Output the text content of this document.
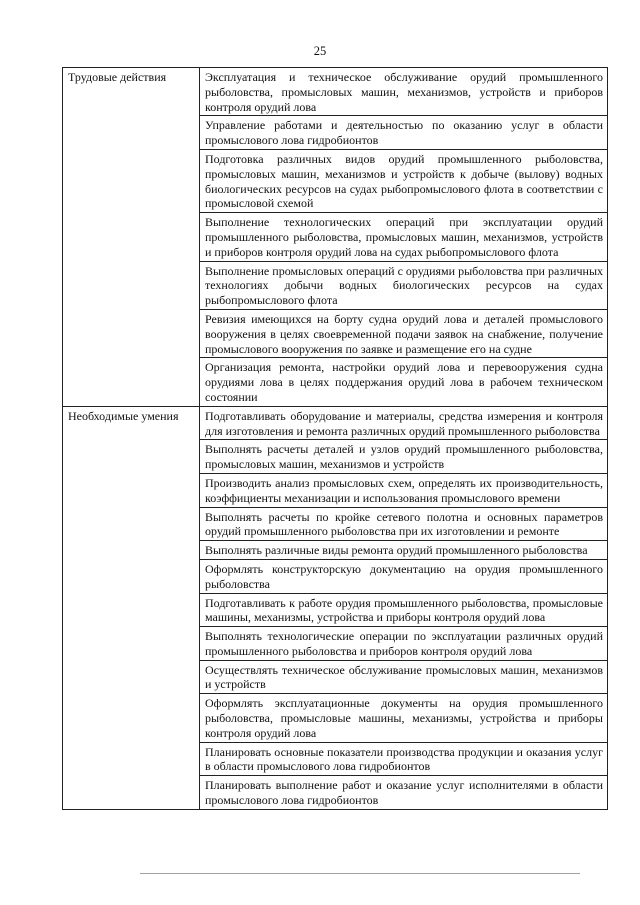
25
Трудовые действия	Эксплуатация и техническое обслуживание орудий промышленного рыболовства, промысловых машин, механизмов, устройств и приборов контроля орудий лова
	Управление работами и деятельностью по оказанию услуг в области промыслового лова гидробионтов
	Подготовка различных видов орудий промышленного рыболовства, промысловых машин, механизмов и устройств к добыче (вылову) водных биологических ресурсов на судах рыбопромыслового флота в соответствии с промысловой схемой
	Выполнение технологических операций при эксплуатации орудий промышленного рыболовства, промысловых машин, механизмов, устройств и приборов контроля орудий лова на судах рыбопромыслового флота
	Выполнение промысловых операций с орудиями рыболовства при различных технологиях добычи водных биологических ресурсов на судах рыбопромыслового флота
	Ревизия имеющихся на борту судна орудий лова и деталей промыслового вооружения в целях своевременной подачи заявок на снабжение, получение промыслового вооружения по заявке и размещение его на судне
	Организация ремонта, настройки орудий лова и перевооружения судна орудиями лова в целях поддержания орудий лова в рабочем техническом состоянии
Необходимые умения	Подготавливать оборудование и материалы, средства измерения и контроля для изготовления и ремонта различных орудий промышленного рыболовства
	Выполнять расчеты деталей и узлов орудий промышленного рыболовства, промысловых машин, механизмов и устройств
	Производить анализ промысловых схем, определять их производительность, коэффициенты механизации и использования промыслового времени
	Выполнять расчеты по кройке сетевого полотна и основных параметров орудий промышленного рыболовства при их изготовлении и ремонте
	Выполнять различные виды ремонта орудий промышленного рыболовства
	Оформлять конструкторскую документацию на орудия промышленного рыболовства
	Подготавливать к работе орудия промышленного рыболовства, промысловые машины, механизмы, устройства и приборы контроля орудий лова
	Выполнять технологические операции по эксплуатации различных орудий промышленного рыболовства и приборов контроля орудий лова
	Осуществлять техническое обслуживание промысловых машин, механизмов и устройств
	Оформлять эксплуатационные документы на орудия промышленного рыболовства, промысловые машины, механизмы, устройства и приборы контроля орудий лова
	Планировать основные показатели производства продукции и оказания услуг в области промыслового лова гидробионтов
	Планировать выполнение работ и оказание услуг исполнителями в области промыслового лова гидробионтов
